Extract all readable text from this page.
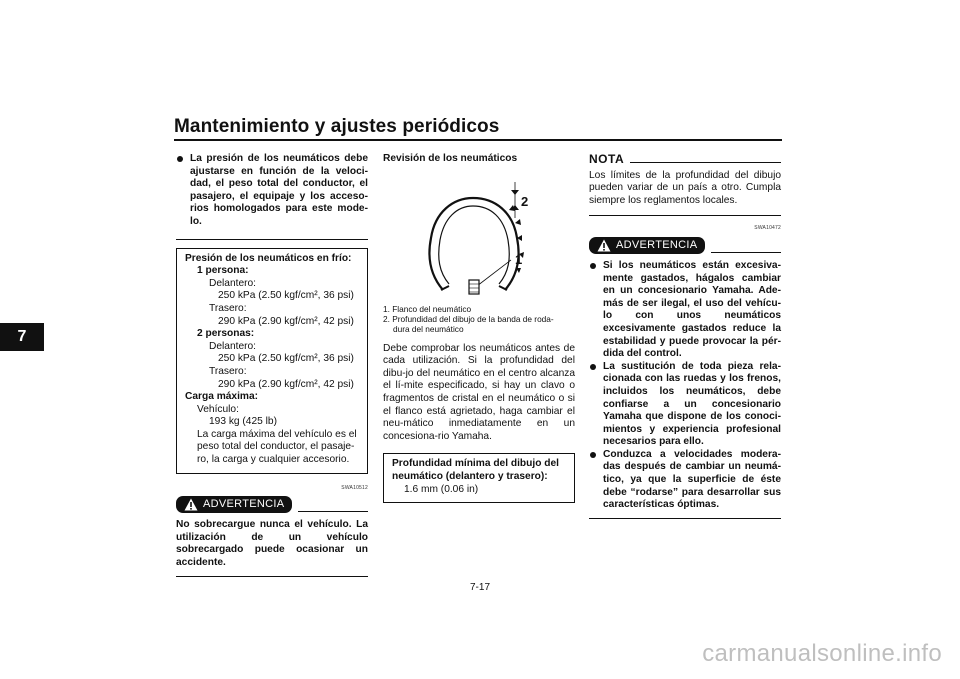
Mantenimiento y ajustes periódicos
7
La presión de los neumáticos debe ajustarse en función de la veloci-dad, el peso total del conductor, el pasajero, el equipaje y los acceso-rios homologados para este mode-lo.
Presión de los neumáticos en frío:
1 persona:
Delantero:
250 kPa (2.50 kgf/cm², 36 psi)
Trasero:
290 kPa (2.90 kgf/cm², 42 psi)
2 personas:
Delantero:
250 kPa (2.50 kgf/cm², 36 psi)
Trasero:
290 kPa (2.90 kgf/cm², 42 psi)
Carga máxima:
Vehículo:
193 kg (425 lb)
La carga máxima del vehículo es el peso total del conductor, el pasaje-ro, la carga y cualquier accesorio.
SWA10512
ADVERTENCIA
No sobrecargue nunca el vehículo. La utilización de un vehículo sobrecargado puede ocasionar un accidente.
Revisión de los neumáticos
2
1
1. Flanco del neumático
2. Profundidad del dibujo de la banda de roda-
dura del neumático
Debe comprobar los neumáticos antes de cada utilización. Si la profundidad del dibu-jo del neumático en el centro alcanza el lí-mite especificado, si hay un clavo o fragmentos de cristal en el neumático o si el flanco está agrietado, haga cambiar el neu-mático inmediatamente en un concesiona-rio Yamaha.
Profundidad mínima del dibujo del neumático (delantero y trasero):
1.6 mm (0.06 in)
NOTA
Los límites de la profundidad del dibujo pueden variar de un país a otro. Cumpla siempre los reglamentos locales.
SWA10472
ADVERTENCIA
Si los neumáticos están excesiva-mente gastados, hágalos cambiar en un concesionario Yamaha. Ade-más de ser ilegal, el uso del vehícu-lo con unos neumáticos excesivamente gastados reduce la estabilidad y puede provocar la pér-dida del control.
La sustitución de toda pieza rela-cionada con las ruedas y los frenos, incluidos los neumáticos, debe confiarse a un concesionario Yamaha que dispone de los conoci-mientos y experiencia profesional necesarios para ello.
Conduzca a velocidades modera-das después de cambiar un neumá-tico, ya que la superficie de éste debe “rodarse” para desarrollar sus características óptimas.
7-17
carmanualsonline.info
